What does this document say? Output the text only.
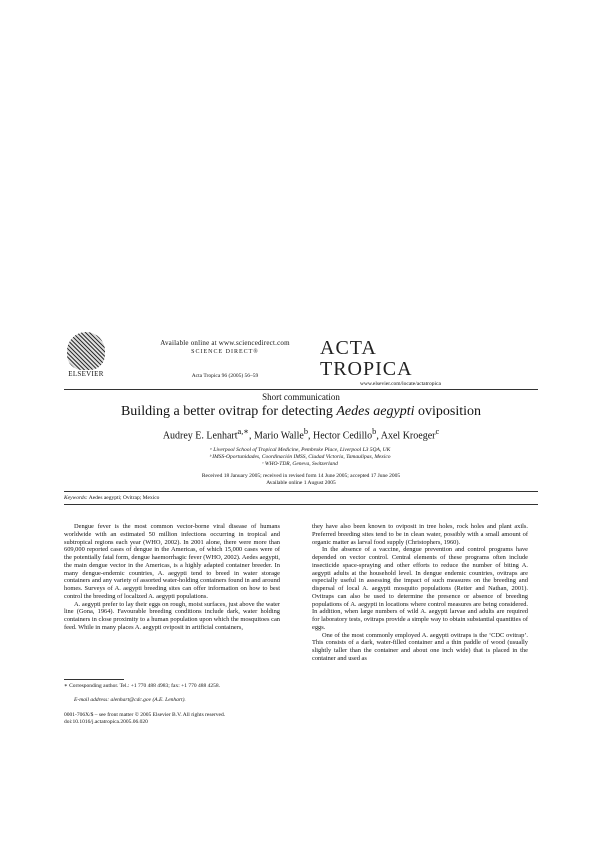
ELSEVIER
Available online at www.sciencedirect.com
SCIENCE DIRECT®
Acta Tropica 96 (2005) 56–59
ACTA
TROPICA
www.elsevier.com/locate/actatropica
Short communication
Building a better ovitrap for detecting Aedes aegypti oviposition
Audrey E. Lenhart$^{a,∗}$, Mario Walle$^b$, Hector Cedillo$^b$, Axel Kroeger$^c$
ᵃ Liverpool School of Tropical Medicine, Pembroke Place, Liverpool L3 5QA, UK
ᵇ IMSS-Oportunidades, Coordinación IMSS, Ciudad Victoria, Tamaulipas, Mexico
ᶜ WHO-TDR, Geneva, Switzerland
Received 18 January 2005; received in revised form 14 June 2005; accepted 17 June 2005
Available online 1 August 2005
Keywords: Aedes aegypti; Ovitrap; Mexico

Dengue fever is the most common vector-borne viral disease of humans worldwide with an estimated 50 million infections occurring in tropical and subtropical regions each year (WHO, 2002). In 2001 alone, there were more than 609,000 reported cases of dengue in the Americas, of which 15,000 cases were of the potentially fatal form, dengue haemorrhagic fever (WHO, 2002). Aedes aegypti, the main dengue vector in the Americas, is a highly adapted container breeder. In many dengue-endemic countries, A. aegypti tend to breed in water storage containers and any variety of assorted water-holding containers found in and around homes. Surveys of A. aegypti breeding sites can offer information on how to best control the breeding of localized A. aegypti populations.

A. aegypti prefer to lay their eggs on rough, moist surfaces, just above the water line (Gona, 1964). Favourable breeding conditions include dark, water holding containers in close proximity to a human population upon which the mosquitoes can feed. While in many places A. aegypti oviposit in artificial containers,

they have also been known to oviposit in tree holes, rock holes and plant axils. Preferred breeding sites tend to be in clean water, possibly with a small amount of organic matter as larval food supply (Christophers, 1960).

In the absence of a vaccine, dengue prevention and control programs have depended on vector control. Central elements of these programs often include insecticide space-spraying and other efforts to reduce the number of biting A. aegypti adults at the household level. In dengue endemic countries, ovitraps are especially useful in assessing the impact of such measures on the breeding and dispersal of local A. aegypti mosquito populations (Reiter and Nathan, 2001). Ovitraps can also be used to determine the presence or absence of breeding populations of A. aegypti in locations where control measures are being considered. In addition, when large numbers of wild A. aegypti larvae and adults are required for laboratory tests, ovitraps provide a simple way to obtain substantial quantities of eggs.

One of the most commonly employed A. aegypti ovitraps is the ‘CDC ovitrap’. This consists of a dark, water-filled container and a thin paddle of wood (usually slightly taller than the container and about one inch wide) that is placed in the container and used as

∗ Corresponding author. Tel.: +1 770 488 4983; fax: +1 770 488 4258.
E-mail address: alenhart@cdc.gov (A.E. Lenhart).
0001-706X/$ – see front matter © 2005 Elsevier B.V. All rights reserved.
doi:10.1016/j.actatropica.2005.06.020
